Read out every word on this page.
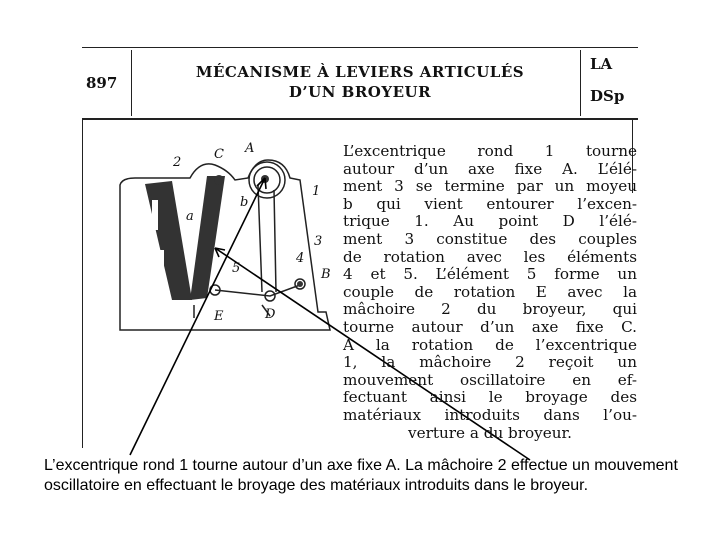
897
MÉCANISME À LEVIERS ARTICULÉS
D’UN BROYEUR
LA
DSp
2
C A
1
b
a
3
5
4
B
E	D
L’excentrique rond 1 tourne
autour d’un axe fixe A. L’élé-
ment 3 se termine par un moyeu
b qui vient entourer l’excen-
trique 1. Au point D l’élé-
ment 3 constitue des couples
de rotation avec les éléments
4 et 5. L’élément 5 forme un
couple de rotation E avec la
mâchoire 2 du broyeur, qui
tourne autour d’un axe fixe C.
A la rotation de l’excentrique
1, la mâchoire 2 reçoit un
mouvement oscillatoire en ef-
fectuant ainsi le broyage des
matériaux introduits dans l’ou-
verture a du broyeur.
L’excentrique rond 1 tourne autour d’un axe fixe A. La mâchoire 2 effectue un mouvement oscillatoire en effectuant le broyage des matériaux introduits dans le broyeur.
